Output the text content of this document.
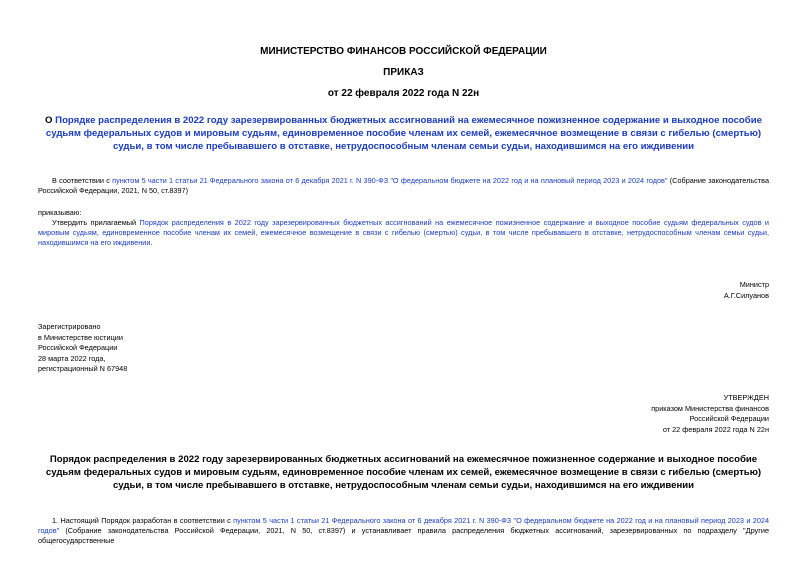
МИНИСТЕРСТВО ФИНАНСОВ РОССИЙСКОЙ ФЕДЕРАЦИИ
ПРИКАЗ
от 22 февраля 2022 года N 22н
О Порядке распределения в 2022 году зарезервированных бюджетных ассигнований на ежемесячное пожизненное содержание и выходное пособие судьям федеральных судов и мировым судьям, единовременное пособие членам их семей, ежемесячное возмещение в связи с гибелью (смертью) судьи, в том числе пребывавшего в отставке, нетрудоспособным членам семьи судьи, находившимся на его иждивении
В соответствии с пунктом 5 части 1 статьи 21 Федерального закона от 6 декабря 2021 г. N 390-ФЗ "О федеральном бюджете на 2022 год и на плановый период 2023 и 2024 годов" (Собрание законодательства Российской Федерации, 2021, N 50, ст.8397)
приказываю:
Утвердить прилагаемый Порядок распределения в 2022 году зарезервированных бюджетных ассигнований на ежемесячное пожизненное содержание и выходное пособие судьям федеральных судов и мировым судьям, единовременное пособие членам их семей, ежемесячное возмещение в связи с гибелью (смертью) судьи, в том числе пребывавшего в отставке, нетрудоспособным членам семьи судьи, находившимся на его иждивении.
Министр
А.Г.Силуанов
Зарегистрировано
в Министерстве юстиции
Российской Федерации
28 марта 2022 года,
регистрационный N 67948
УТВЕРЖДЕН
приказом Министерства финансов
Российской Федерации
от 22 февраля 2022 года N 22н
Порядок распределения в 2022 году зарезервированных бюджетных ассигнований на ежемесячное пожизненное содержание и выходное пособие судьям федеральных судов и мировым судьям, единовременное пособие членам их семей, ежемесячное возмещение в связи с гибелью (смертью) судьи, в том числе пребывавшего в отставке, нетрудоспособным членам семьи судьи, находившимся на его иждивении
1. Настоящий Порядок разработан в соответствии с пунктом 5 части 1 статьи 21 Федерального закона от 6 декабря 2021 г. N 390-ФЗ "О федеральном бюджете на 2022 год и на плановый период 2023 и 2024 годов" (Собрание законодательства Российской Федерации, 2021, N 50, ст.8397) и устанавливает правила распределения бюджетных ассигнований, зарезервированных по подразделу "Другие общегосударственные
